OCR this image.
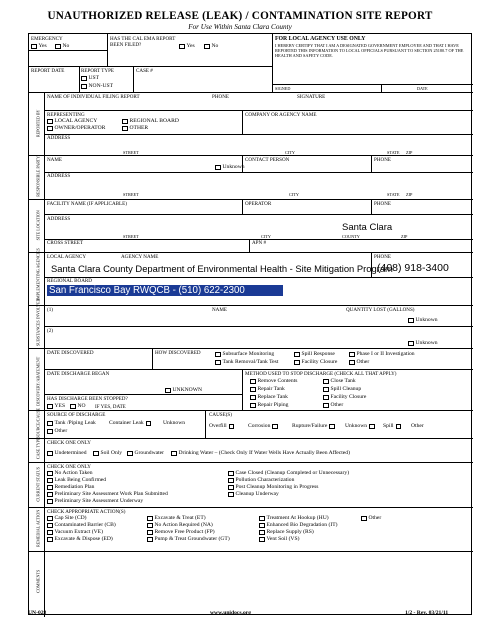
UNAUTHORIZED RELEASE (LEAK) / CONTAMINATION SITE REPORT
For Use Within Santa Clara County
EMERGENCY
Yes	No
HAS THE CAL EMA REPORT BEEN FILED?	Yes	No
REPORT DATE	REPORT TYPE
UST
NON-UST
CASE #
FOR LOCAL AGENCY USE ONLY
I HEREBY CERTIFY THAT I AM A DESIGNATED GOVERNMENT EMPLOYEE AND THAT I HAVE REPORTED THIS INFORMATION TO LOCAL OFFICIALS PURSUANT TO SECTION 25180.7 OF THE HEALTH AND SAFETY CODE.
SIGNED	DATE
REPORTED BY
NAME OF INDIVIDUAL FILING REPORT	PHONE	SIGNATURE
REPRESENTING
LOCAL AGENCY	REGIONAL BOARD
OWNER/OPERATOR	OTHER
COMPANY OR AGENCY NAME
ADDRESS
STREET	CITY	STATE ZIP
RESPONSIBLE PARTY NAME	CONTACT PERSON	PHONE
Unknown
ADDRESS
STREET	CITY	STATE ZIP
SITE LOCATION
FACILITY NAME (IF APPLICABLE)	OPERATOR	PHONE
ADDRESS
Santa Clara
STREET	CITY	COUNTY	ZIP
CROSS STREET	APN #
IMPLEMENTING AGENCIES LOCAL AGENCY	AGENCY NAME	PHONE
Santa Clara County Department of Environmental Health - Site Mitigation Program
(408) 918-3400
REGIONAL BOARD
San Francisco Bay RWQCB - (510) 622-2300
SUBSTANCES INVOLVED (1)	NAME	QUANTITY LOST (GALLONS)
Unknown
(2)
Unknown
DISCOVERY/ABATEMENT
DATE DISCOVERED	HOW DISCOVERED	Subsurface Monitoring	Spill Response	Phase I or II Investigation
Tank Removal/Tank Test	Facility Closure	Other
DATE DISCHARGE BEGAN	METHOD USED TO STOP DISCHARGE (CHECK ALL THAT APPLY)
UNKNOWN
Remove Contents	Close Tank
Repair Tank	Spill Cleanup
Replace Tank	Facility Closure
Repair Piping	Other
HAS DISCHARGE BEEN STOPPED?
YES NO IF YES, DATE
SOURCE/CAUSE SOURCE OF DISCHARGE
Tank /Piping Leak Container Leak	Unknown
Other
CAUSE(S)
Overfill	Corrosion	Rupture/Failure	Unknown	Spill	Other
CASE TYPE CHECK ONE ONLY
Undetermined	Soil Only Groundwater	Drinking Water – (Check Only If Water Wells Have Actually Been Affected)
CURRENT STATUS CHECK ONE ONLY
No Action Taken
Leak Being Confirmed
Remediation Plan
Preliminary Site Assessment Work Plan Submitted
Preliminary Site Assessment Underway
Case Closed (Cleanup Completed or Unnecessary)
Pollution Characterization
Post Cleanup Monitoring in Progress
Cleanup Underway
REMEDIAL ACTION CHECK APPROPRIATE ACTION(S)
Cap Site (CD)
Contaminated Barrier (CB)
Vacuum Extract (VE)
Excavate & Dispose (ED)
Excavate & Treat (ET)
No Action Required (NA)
Remove Free Product (FP)
Pump & Treat Groundwater (GT)
Treatment At Hookup (HU)
Enhanced Bio Degradation (IT)
Replace Supply (RS)
Vent Soil (VS)
Other
COMMENTS
UN-028	www.unidocs.org	1/2 - Rev. 03/21/11
